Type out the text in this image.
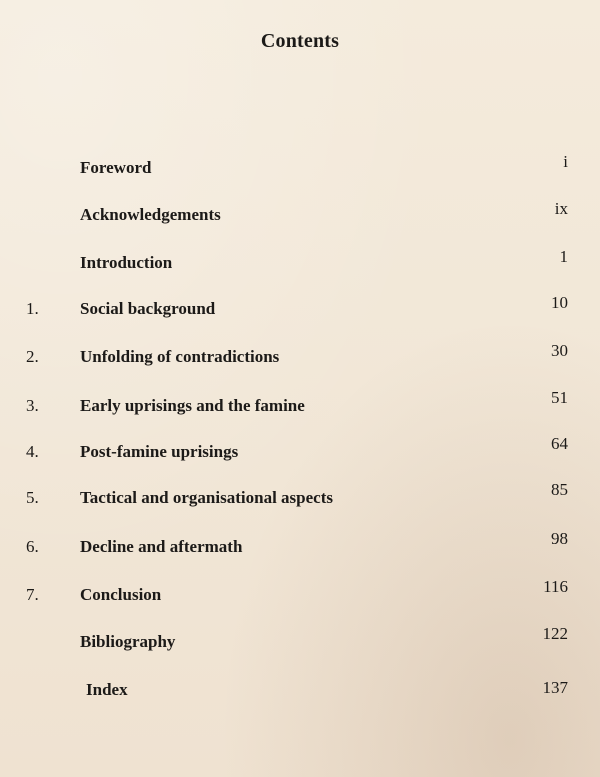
Contents
Foreword	i
Acknowledgements	ix
Introduction	1
1. Social background	10
2. Unfolding of contradictions	30
3. Early uprisings and the famine	51
4. Post-famine uprisings	64
5. Tactical and organisational aspects	85
6. Decline and aftermath	98
7. Conclusion	116
Bibliography	122
Index	137
